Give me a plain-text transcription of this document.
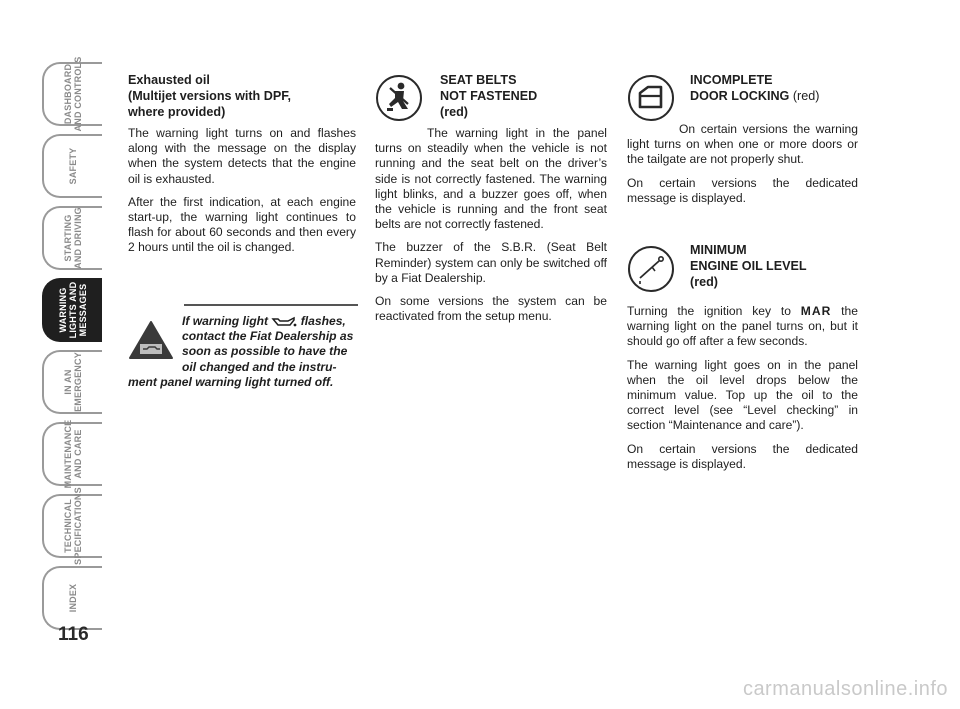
DASHBOARD
AND CONTROLS
SAFETY
STARTING
AND DRIVING
WARNING
LIGHTS AND
MESSAGES
IN AN
EMERGENCY
MAINTENANCE
AND CARE
TECHNICAL
SPECIFICATIONS
INDEX
116
Exhausted oil
(Multijet versions with DPF,
where provided)

The warning light turns on and flashes along with the message on the display when the system detects that the engine oil is exhausted.

After the first indication, at each engine start-up, the warning light continues to flash for about 60 seconds and then every 2 hours until the oil is changed.

If warning light	flashes,
contact the Fiat Dealership as
soon as possible to have the
oil changed and the instru-
ment panel warning light turned off.
SEAT BELTS
NOT FASTENED
(red)

The warning light in the panel turns on steadily when the vehicle is not running and the seat belt on the driver’s side is not correctly fastened. The warning light blinks, and a buzzer goes off, when the vehicle is running and the front seat belts are not correctly fastened.

The buzzer of the S.B.R. (Seat Belt Reminder) system can only be switched off by a Fiat Dealership.

On some versions the system can be reactivated from the setup menu.

INCOMPLETE
DOOR LOCKING (red)

On certain versions the warning light turns on when one or more doors or the tailgate are not properly shut.

On certain versions the dedicated message is displayed.

MINIMUM
ENGINE OIL LEVEL
(red)

Turning the ignition key to MAR the warning light on the panel turns on, but it should go off after a few seconds.

The warning light goes on in the panel when the oil level drops below the minimum value. Top up the oil to the correct level (see “Level checking” in section “Maintenance and care”).

On certain versions the dedicated message is displayed.

carmanualsonline.info
